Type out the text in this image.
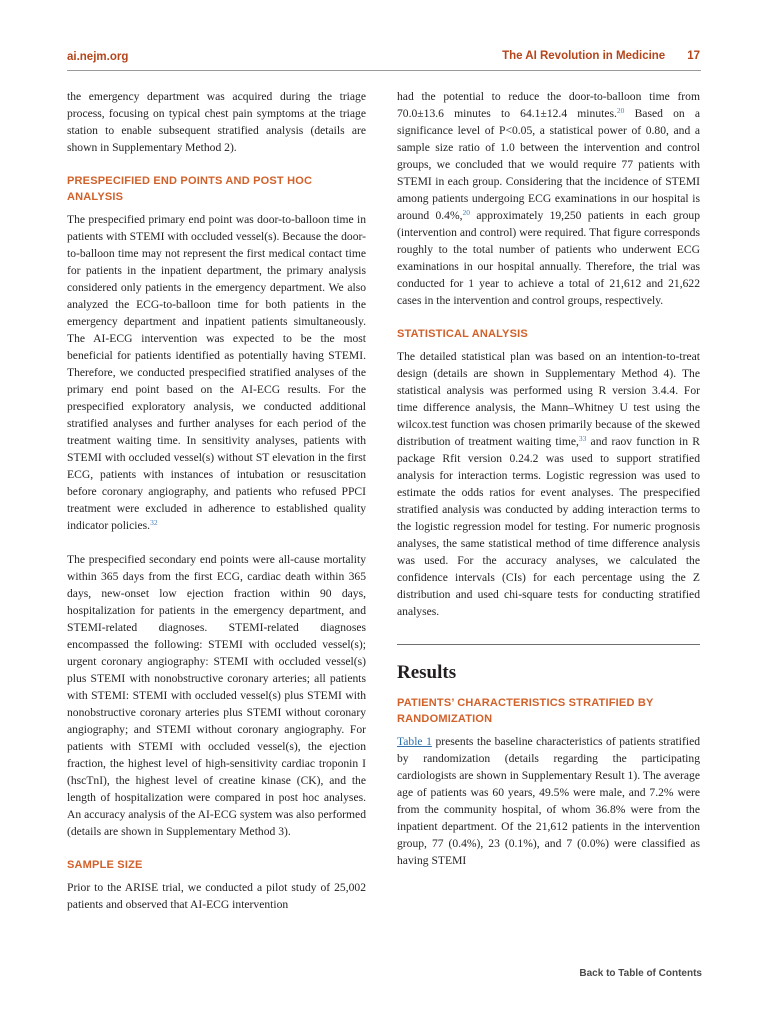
ai.nejm.org	The AI Revolution in Medicine 17

the emergency department was acquired during the triage process, focusing on typical chest pain symptoms at the triage station to enable subsequent stratified analysis (details are shown in Supplementary Method 2).

PRESPECIFIED END POINTS AND POST HOC ANALYSIS

The prespecified primary end point was door-to-balloon time in patients with STEMI with occluded vessel(s). Because the door-to-balloon time may not represent the first medical contact time for patients in the inpatient department, the primary analysis considered only patients in the emergency department. We also analyzed the ECG-to-balloon time for both patients in the emergency department and inpatient patients simultaneously. The AI-ECG intervention was expected to be the most beneficial for patients identified as potentially having STEMI. Therefore, we conducted prespecified stratified analyses of the primary end point based on the AI-ECG results. For the prespecified exploratory analysis, we conducted additional stratified analyses and further analyses for each period of the treatment waiting time. In sensitivity analyses, patients with STEMI with occluded vessel(s) without ST elevation in the first ECG, patients with instances of intubation or resuscitation before coronary angiography, and patients who refused PPCI treatment were excluded in adherence to established quality indicator policies.$^{32}$

The prespecified secondary end points were all-cause mortality within 365 days from the first ECG, cardiac death within 365 days, new-onset low ejection fraction within 90 days, hospitalization for patients in the emergency department, and STEMI-related diagnoses. STEMI-related diagnoses encompassed the following: STEMI with occluded vessel(s); urgent coronary angiography: STEMI with occluded vessel(s) plus STEMI with nonobstructive coronary arteries; all patients with STEMI: STEMI with occluded vessel(s) plus STEMI with nonobstructive coronary arteries plus STEMI without coronary angiography; and STEMI without coronary angiography. For patients with STEMI with occluded vessel(s), the ejection fraction, the highest level of high-sensitivity cardiac troponin I (hscTnI), the highest level of creatine kinase (CK), and the length of hospitalization were compared in post hoc analyses. An accuracy analysis of the AI-ECG system was also performed (details are shown in Supplementary Method 3).

SAMPLE SIZE

Prior to the ARISE trial, we conducted a pilot study of 25,002 patients and observed that AI-ECG intervention

had the potential to reduce the door-to-balloon time from 70.0±13.6 minutes to 64.1±12.4 minutes.$^{20}$ Based on a significance level of P<0.05, a statistical power of 0.80, and a sample size ratio of 1.0 between the intervention and control groups, we concluded that we would require 77 patients with STEMI in each group. Considering that the incidence of STEMI among patients undergoing ECG examinations in our hospital is around 0.4%,$^{20}$ approximately 19,250 patients in each group (intervention and control) were required. That figure corresponds roughly to the total number of patients who underwent ECG examinations in our hospital annually. Therefore, the trial was conducted for 1 year to achieve a total of 21,612 and 21,622 cases in the intervention and control groups, respectively.

STATISTICAL ANALYSIS

The detailed statistical plan was based on an intention-to-treat design (details are shown in Supplementary Method 4). The statistical analysis was performed using R version 3.4.4. For time difference analysis, the Mann–Whitney U test using the wilcox.test function was chosen primarily because of the skewed distribution of treatment waiting time,$^{33}$ and raov function in R package Rfit version 0.24.2 was used to support stratified analysis for interaction terms. Logistic regression was used to estimate the odds ratios for event analyses. The prespecified stratified analysis was conducted by adding interaction terms to the logistic regression model for testing. For numeric prognosis analyses, the same statistical method of time difference analysis was used. For the accuracy analyses, we calculated the confidence intervals (CIs) for each percentage using the Z distribution and used chi-square tests for conducting stratified analyses.

Results
PATIENTS’ CHARACTERISTICS STRATIFIED BY RANDOMIZATION

Table 1 presents the baseline characteristics of patients stratified by randomization (details regarding the participating cardiologists are shown in Supplementary Result 1). The average age of patients was 60 years, 49.5% were male, and 7.2% were from the community hospital, of whom 36.8% were from the inpatient department. Of the 21,612 patients in the intervention group, 77 (0.4%), 23 (0.1%), and 7 (0.0%) were classified as having STEMI

Back to Table of Contents
